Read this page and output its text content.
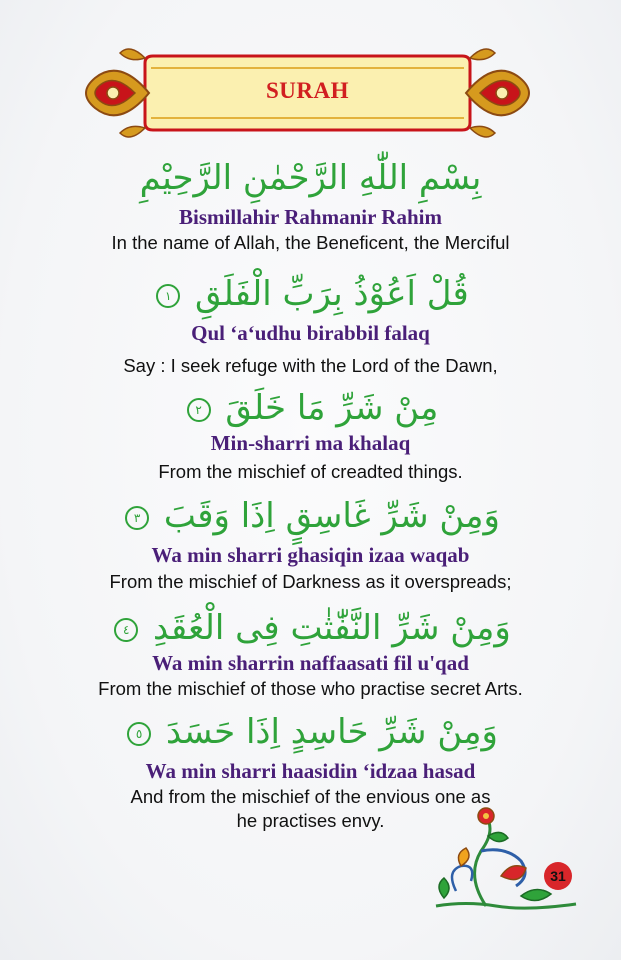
SURAH
بِسْمِ اللّٰهِ الرَّحْمٰنِ الرَّحِيْمِ
Bismillahir Rahmanir Rahim
In the name of Allah, the Beneficent, the Merciful
قُلْ اَعُوْذُ بِرَبِّ الْفَلَقِ ١
Qul ‘a‘udhu birabbil falaq
Say : I seek refuge with the Lord of the Dawn,
مِنْ شَرِّ مَا خَلَقَ ٢
Min-sharri ma khalaq
From the mischief of creadted things.
وَمِنْ شَرِّ غَاسِقٍ اِذَا وَقَبَ ٣
Wa min sharri ghasiqin izaa waqab
From the mischief of Darkness as it overspreads;
وَمِنْ شَرِّ النَّفّٰثٰتِ فِى الْعُقَدِ ٤
Wa min sharrin naffaasati fil u'qad
From the mischief of those who practise secret Arts.
وَمِنْ شَرِّ حَاسِدٍ اِذَا حَسَدَ ٥
Wa min sharri haasidin ‘idzaa hasad
And from the mischief of the envious one as
he practises envy.
31
